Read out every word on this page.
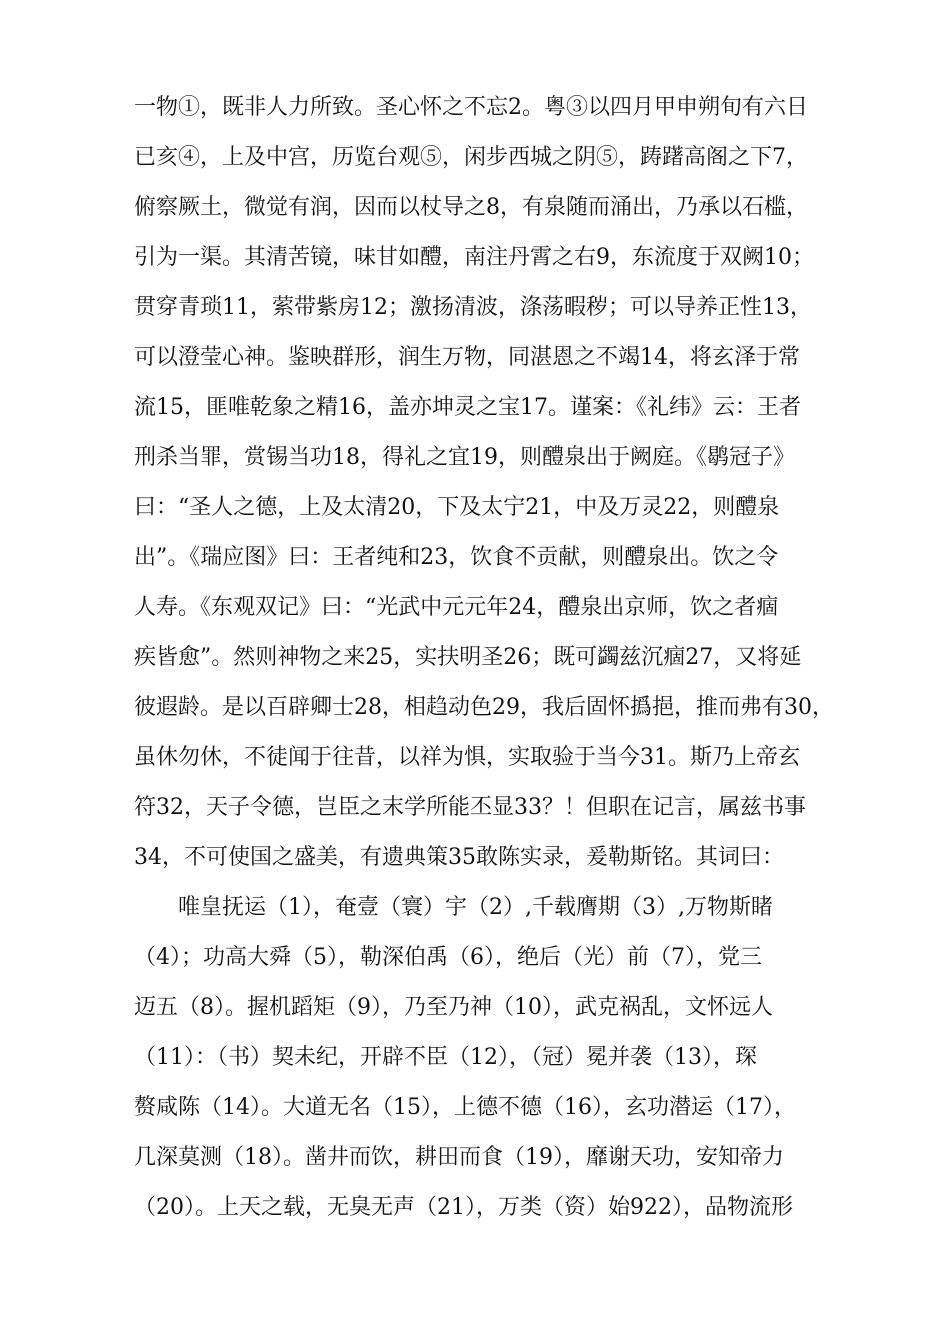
一物①，既非人力所致。圣心怀之不忘2。粤③以四月甲申朔旬有六日
已亥④，上及中宫，历览台观⑤，闲步西城之阴⑤，踌躇高阁之下7，
俯察厥土，微觉有润，因而以杖导之8，有泉随而涌出，乃承以石槛，
引为一渠。其清苦镜，味甘如醴，南注丹霄之右9，东流度于双阙10；
贯穿青琐11，萦带紫房12；激扬清波，涤荡暇秽；可以导养正性13，
可以澄莹心神。鉴映群形，润生万物，同湛恩之不竭14，将玄泽于常
流15，匪唯乾象之精16，盖亦坤灵之宝17。谨案：《礼纬》云：王者
刑杀当罪，赏锡当功18，得礼之宜19，则醴泉出于阙庭。《鹖冠子》
曰：“圣人之德，上及太清20，下及太宁21，中及万灵22，则醴泉
出”。《瑞应图》曰：王者纯和23，饮食不贡献，则醴泉出。饮之令
人寿。《东观双记》曰：“光武中元元年24，醴泉出京师，饮之者痼
疾皆愈”。然则神物之来25，实扶明圣26；既可蠲兹沉痼27，又将延
彼遐龄。是以百辟卿士28，相趋动色29，我后固怀撝挹，推而弗有30，
虽休勿休，不徒闻于往昔，以祥为惧，实取验于当今31。斯乃上帝玄
符32，天子令德，岂臣之末学所能丕显33？！但职在记言，属兹书事
34，不可使国之盛美，有遗典策35敢陈实录，爰勒斯铭。其词曰：
唯皇抚运（1），奄壹（寰）宇（2）,千载膺期（3）,万物斯睹
（4）；功高大舜（5），勒深伯禹（6），绝后（光）前（7），党三
迈五（8）。握机蹈矩（9），乃至乃神（10），武克祸乱，文怀远人
（11）：（书）契未纪，开辟不臣（12），（冠）冕并袭（13），琛
赘咸陈（14）。大道无名（15），上德不德（16），玄功潜运（17），
几深莫测（18）。凿井而饮，耕田而食（19），靡谢天功，安知帝力
（20）。上天之载，无臭无声（21），万类（资）始922），品物流形
